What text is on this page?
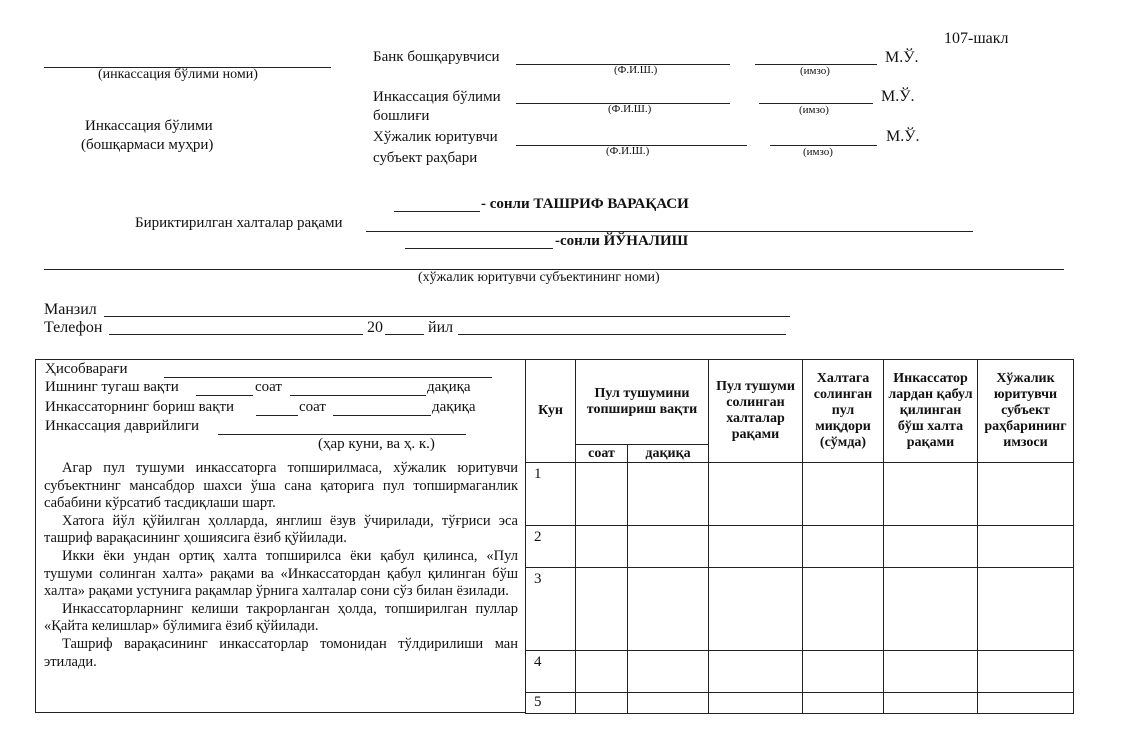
107-шакл
(инкассация бўлими номи)
Инкассация бўлими
(бошқармаси муҳри)
Банк бошқарувчиси
(Ф.И.Ш.)	(имзо)
М.Ў.
Инкассация бўлими
бошлиғи	(Ф.И.Ш.)	(имзо)
М.Ў.
Хўжалик юритувчи
субъект раҳбари	(Ф.И.Ш.)	(имзо)
М.Ў.
- сонли ТАШРИФ ВАРАҚАСИ
Бириктирилган халталар рақами
-сонли ЙЎНАЛИШ
(хўжалик юритувчи субъектининг номи)
Манзил
Телефон	20	йил
Ҳисобварағи
Ишнинг тугаш вақти	соат	дақиқа
Инкассаторнинг бориш вақти	соат	дақиқа
Инкассация даврийлиги
(ҳар куни, ва ҳ. к.)

Агар пул тушуми инкассаторга топширилмаса, хўжалик юритувчи субъектнинг мансабдор шахси ўша сана қаторига пул топширмаганлик сабабини кўрсатиб тасдиқлаши шарт.

Хатога йўл қўйилган ҳолларда, янглиш ёзув ўчирилади, тўғриси эса ташриф варақасининг ҳошиясига ёзиб қўйилади.

Икки ёки ундан ортиқ халта топширилса ёки қабул қилинса, «Пул тушуми солинган халта» рақами ва «Инкассатордан қабул қилинган бўш халта» рақами устунига рақамлар ўрнига халталар сони сўз билан ёзилади.

Инкассаторларнинг келиши такрорланган ҳолда, топширилган пуллар «Қайта келишлар» бўлимига ёзиб қўйилади.

Ташриф варақасининг инкассаторлар томонидан тўлдирилиши ман этилади.

Кун	Пул тушумини топшириш вақти		Пул тушуми солинган халталар рақами	Халтага солинган пул миқдори (сўмда)	Инкассатор лардан қабул қилинган бўш халта рақами	Хўжалик юритувчи субъект раҳбарининг имзоси
	соат	дақиқа				
1						
2						
3						
4						
5						
